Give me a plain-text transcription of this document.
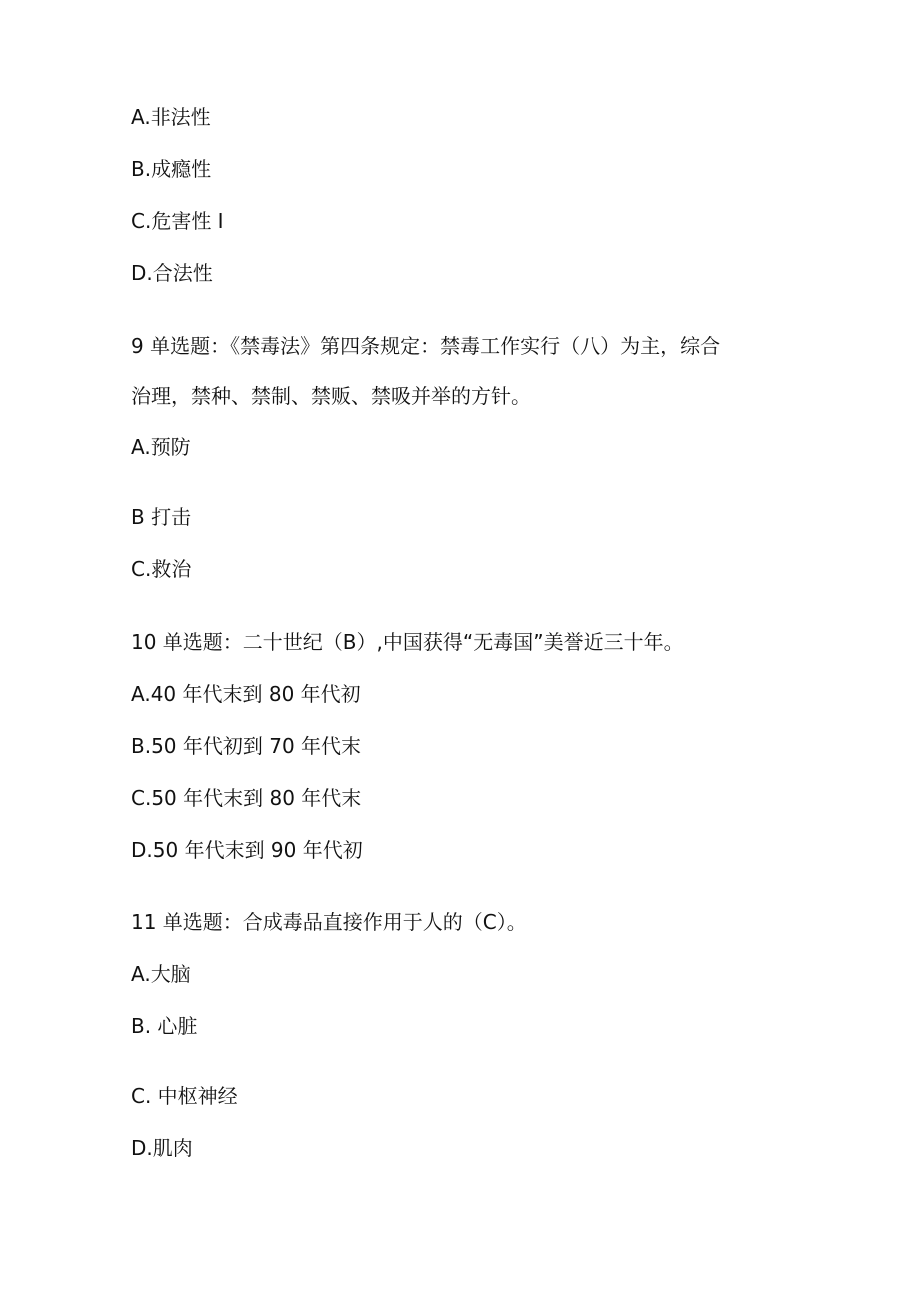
A.非法性

B.成瘾性

C.危害性 I

D.合法性

9 单选题：《禁毒法》第四条规定：禁毒工作实行（八）为主，综合

治理，禁种、禁制、禁贩、禁吸并举的方针。

A.预防

B 打击

C.救治

10 单选题：二十世纪（B）,中国获得“无毒国”美誉近三十年。

A.40 年代末到 80 年代初

B.50 年代初到 70 年代末

C.50 年代末到 80 年代末

D.50 年代末到 90 年代初

11 单选题：合成毒品直接作用于人的（C）。

A.大脑

B. 心脏

C. 中枢神经

D.肌肉
